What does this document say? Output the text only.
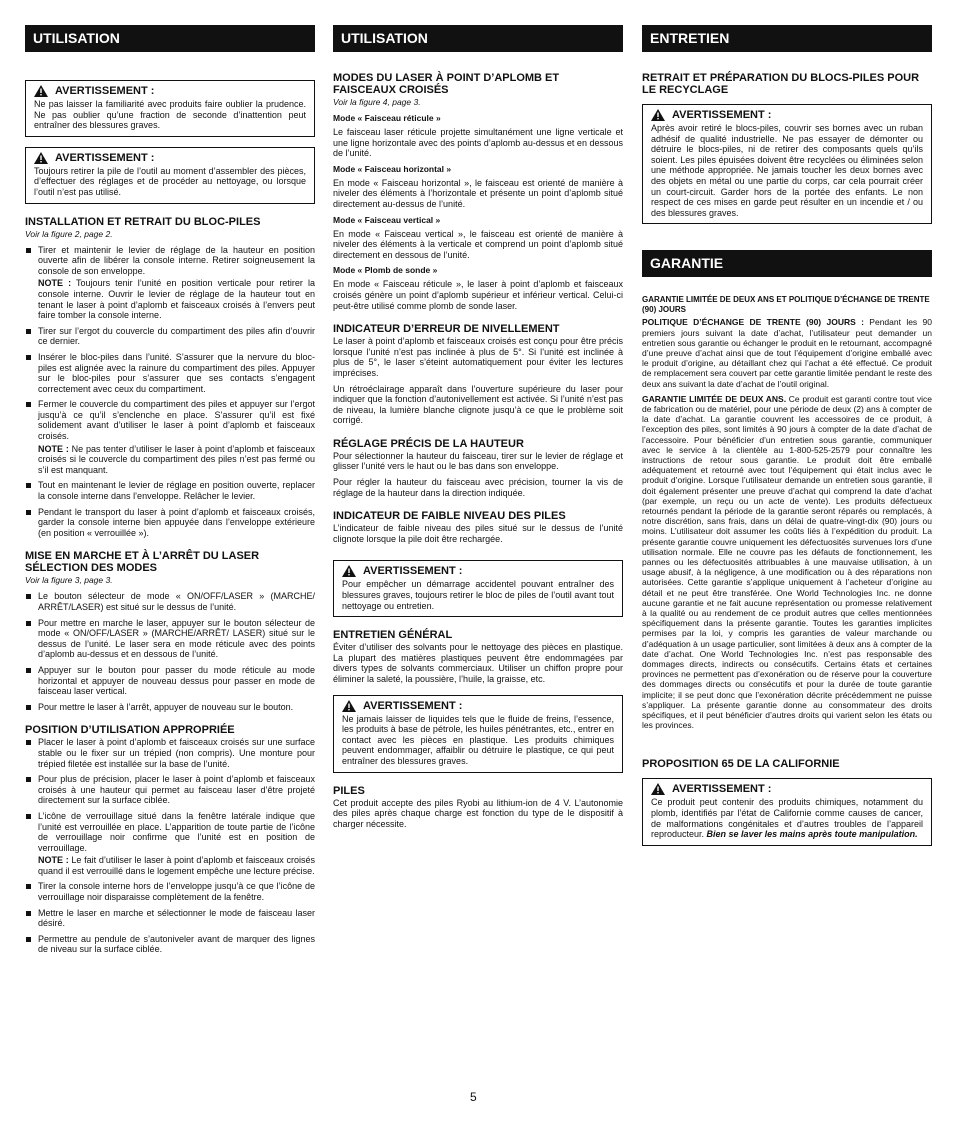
UTILISATION
AVERTISSEMENT :

Ne pas laisser la familiarité avec produits faire oublier la prudence. Ne pas oublier qu’une fraction de seconde d’inattention peut entraîner des blessures graves.

AVERTISSEMENT :

Toujours retirer la pile de l’outil au moment d’assembler des pièces, d’effectuer des réglages et de procéder au nettoyage, ou lorsque l’outil n’est pas utilisé.

INSTALLATION ET RETRAIT DU BLOC-PILES
Voir la figure 2, page 2.
Tirer et maintenir le levier de réglage de la hauteur en position ouverte afin de libérer la console interne. Retirer soigneusement la console de son enveloppe.
NOTE : Toujours tenir l’unité en position verticale pour retirer la console interne. Ouvrir le levier de réglage de la hauteur tout en tenant le laser à point d’aplomb et faisceaux croisés à l’envers peut faire tomber la console interne.
Tirer sur l’ergot du couvercle du compartiment des piles afin d’ouvrir ce dernier.
Insérer le bloc-piles dans l’unité. S’assurer que la nervure du bloc-piles est alignée avec la rainure du compartiment des piles. Appuyer sur le bloc-piles pour s’assurer que ses contacts s’engagent correctement avec ceux du compartiment.
Fermer le couvercle du compartiment des piles et appuyer sur l’ergot jusqu’à ce qu’il s’enclenche en place. S’assurer qu’il est fixé solidement avant d’utiliser le laser à point d’aplomb et faisceaux croisés.
NOTE : Ne pas tenter d’utiliser le laser à point d’aplomb et faisceaux croisés si le couvercle du compartiment des piles n’est pas fermé ou s’il est manquant.
Tout en maintenant le levier de réglage en position ouverte, replacer la console interne dans l’enveloppe. Relâcher le levier.
Pendant le transport du laser à point d’aplomb et faisceaux croisés, garder la console interne bien appuyée dans l’enveloppe extérieure (en position « verrouillée »).
MISE EN MARCHE ET À L’ARRÊT DU LASER SÉLECTION DES MODES
Voir la figure 3, page 3.
Le bouton sélecteur de mode « ON/OFF/LASER » (MARCHE/ ARRÊT/LASER) est situé sur le dessus de l’unité.
Pour mettre en marche le laser, appuyer sur le bouton sélecteur de mode « ON/OFF/LASER » (MARCHE/ARRÊT/ LASER) situé sur le dessus de l’unité. Le laser sera en mode réticule avec des points d’aplomb au-dessus et en dessous de l’unité.
Appuyer sur le bouton pour passer du mode réticule au mode horizontal et appuyer de nouveau dessus pour passer en mode de faisceau laser vertical.
Pour mettre le laser à l’arrêt, appuyer de nouveau sur le bouton.
POSITION D’UTILISATION APPROPRIÉE
Placer le laser à point d’aplomb et faisceaux croisés sur une surface stable ou le fixer sur un trépied (non compris). Une monture pour trépied filetée est installée sur la base de l’unité.
Pour plus de précision, placer le laser à point d’aplomb et faisceaux croisés à une hauteur qui permet au faisceau laser d’être projeté directement sur la surface ciblée.
L’icône de verrouillage situé dans la fenêtre latérale indique que l’unité est verrouillée en place. L’apparition de toute partie de l’icône de verrouillage noir confirme que l’unité est en position de verrouillage.
NOTE : Le fait d’utiliser le laser à point d’aplomb et faisceaux croisés quand il est verrouillé dans le logement empêche une lecture précise.
Tirer la console interne hors de l’enveloppe jusqu’à ce que l’icône de verrouillage noir disparaisse complètement de la fenêtre.
Mettre le laser en marche et sélectionner le mode de faisceau laser désiré.
Permettre au pendule de s’autoniveler avant de marquer des lignes de niveau sur la surface ciblée.
UTILISATION
MODES DU LASER À POINT D’APLOMB ET FAISCEAUX CROISÉS
Voir la figure 4, page 3.
Mode « Faisceau réticule »

Le faisceau laser réticule projette simultanément une ligne verticale et une ligne horizontale avec des points d’aplomb au-dessus et en dessous de l’unité.

Mode « Faisceau horizontal »

En mode « Faisceau horizontal », le faisceau est orienté de manière à niveler des éléments à l’horizontale et présente un point d’aplomb situé directement au-dessus de l’unité.

Mode « Faisceau vertical »

En mode « Faisceau vertical », le faisceau est orienté de manière à niveler des éléments à la verticale et comprend un point d’aplomb situé directement en dessous de l’unité.

Mode « Plomb de sonde »

En mode « Faisceau réticule », le laser à point d’aplomb et faisceaux croisés génère un point d’aplomb supérieur et inférieur vertical. Celui-ci peut-être utilisé comme plomb de sonde laser.

INDICATEUR D’ERREUR DE NIVELLEMENT

Le laser à point d’aplomb et faisceaux croisés est conçu pour être précis lorsque l’unité n’est pas inclinée à plus de 5°. Si l’unité est inclinée à plus de 5°, le laser s’éteint automatiquement pour éviter les lectures imprécises.

Un rétroéclairage apparaît dans l’ouverture supérieure du laser pour indiquer que la fonction d’autonivellement est activée. Si l’unité n’est pas de niveau, la lumière blanche clignote jusqu’à ce que le problème soit corrigé.

RÉGLAGE PRÉCIS DE LA HAUTEUR

Pour sélectionner la hauteur du faisceau, tirer sur le levier de réglage et glisser l’unité vers le haut ou le bas dans son enveloppe.

Pour régler la hauteur du faisceau avec précision, tourner la vis de réglage de la hauteur dans la direction indiquée.

INDICATEUR DE FAIBLE NIVEAU DES PILES

L’indicateur de faible niveau des piles situé sur le dessus de l’unité clignote lorsque la pile doit être rechargée.

AVERTISSEMENT :

Pour empêcher un démarrage accidentel pouvant entraîner des blessures graves, toujours retirer le bloc de piles de l’outil avant tout nettoyage ou entretien.

ENTRETIEN GÉNÉRAL

Éviter d’utiliser des solvants pour le nettoyage des pièces en plastique. La plupart des matières plastiques peuvent être endommagées par divers types de solvants commerciaux. Utiliser un chiffon propre pour éliminer la saleté, la poussière, l’huile, la graisse, etc.

AVERTISSEMENT :

Ne jamais laisser de liquides tels que le fluide de freins, l’essence, les produits à base de pétrole, les huiles pénétrantes, etc., entrer en contact avec les pièces en plastique. Les produits chimiques peuvent endommager, affaiblir ou détruire le plastique, ce qui peut entraîner des blessures graves.

PILES

Cet produit accepte des piles Ryobi au lithium-ion de 4 V. L’autonomie des piles après chaque charge est fonction du type de le dispositif à charger nécessite.

ENTRETIEN
RETRAIT ET PRÉPARATION DU BLOCS-PILES POUR LE RECYCLAGE
AVERTISSEMENT :

Après avoir retiré le blocs-piles, couvrir ses bornes avec un ruban adhésif de qualité industrielle. Ne pas essayer de démonter ou détruire le blocs-piles, ni de retirer des composants quels qu’ils soient. Les piles épuisées doivent être recyclées ou éliminées selon une méthode appropriée. Ne jamais toucher les deux bornes avec des objets en métal ou une partie du corps, car cela pourrait créer un court-circuit. Garder hors de la portée des enfants. Le non respect de ces mises en garde peut résulter en un incendie et / ou des blessures graves.

GARANTIE
GARANTIE LIMITÉE DE DEUX ANS ET POLITIQUE D’ÉCHANGE DE TRENTE (90) JOURS

POLITIQUE D’ÉCHANGE DE TRENTE (90) JOURS : Pendant les 90 premiers jours suivant la date d’achat, l’utilisateur peut demander un entretien sous garantie ou échanger le produit en le retournant, accompagné d’une preuve d’achat ainsi que de tout l’équipement d’origine emballé avec le produit d’origine, au détaillant chez qui l’achat a été effectué. Ce produit de remplacement sera couvert par cette garantie limitée pendant le reste des deux ans suivant la date d’achat de l’outil original.

GARANTIE LIMITÉE DE DEUX ANS. Ce produit est garanti contre tout vice de fabrication ou de matériel, pour une période de deux (2) ans à compter de la date d’achat. La garantie couvrent les accessoires de ce produit, à l’exception des piles, sont limités à 90 jours à compter de la date d’achat de l’accessoire. Pour bénéficier d’un entretien sous garantie, communiquer avec le service à la clientèle au 1-800-525-2579 pour connaître les instructions de retour sous garantie. Le produit doit être emballé adéquatement et retourné avec tout l’équipement qui était inclus avec le produit d’origine. Lorsque l’utilisateur demande un entretien sous garantie, il doit également présenter une preuve d’achat qui comprend la date d’achat (par exemple, un reçu ou un acte de vente). Les produits défectueux retournés pendant la période de la garantie seront réparés ou remplacés, à notre discrétion, sans frais, dans un délai de quatre-vingt-dix (90) jours ou moins. L’utilisateur doit assumer les coûts liés à l’expédition du produit. La présente garantie couvre uniquement les défectuosités survenues lors d’une utilisation normale. Elle ne couvre pas les défauts de fonctionnement, les pannes ou les défectuosités attribuables à une mauvaise utilisation, à un usage abusif, à la négligence, à une modification ou à des réparations non autorisées. Cette garantie s’applique uniquement à l’acheteur d’origine au détail et ne peut être transférée. One World Technologies Inc. ne donne aucune garantie et ne fait aucune représentation ou promesse relativement à la qualité ou au rendement de ce produit autres que celles mentionnées spécifiquement dans la présente garantie. Toutes les garanties implicites permises par la loi, y compris les garanties de valeur marchande ou d’adéquation à un usage particulier, sont limitées à deux ans à compter de la date d’achat. One World Technologies Inc. n’est pas responsable des dommages directs, indirects ou consécutifs. Certains états et certaines provinces ne permettent pas d’exonération ou de réserve pour la couverture des dommages directs ou consécutifs et pour la durée de toute garantie implicite; il se peut donc que l’exonération décrite précédemment ne puisse s’appliquer. La présente garantie donne au consommateur des droits spécifiques, et il peut bénéficier d’autres droits qui varient selon les états ou les provinces.

PROPOSITION 65 DE LA CALIFORNIE
AVERTISSEMENT :

Ce produit peut contenir des produits chimiques, notamment du plomb, identifiés par l’état de Californie comme causes de cancer, de malformations congénitales et d’autres troubles de l’appareil reproducteur. Bien se laver les mains après toute manipulation.

5
